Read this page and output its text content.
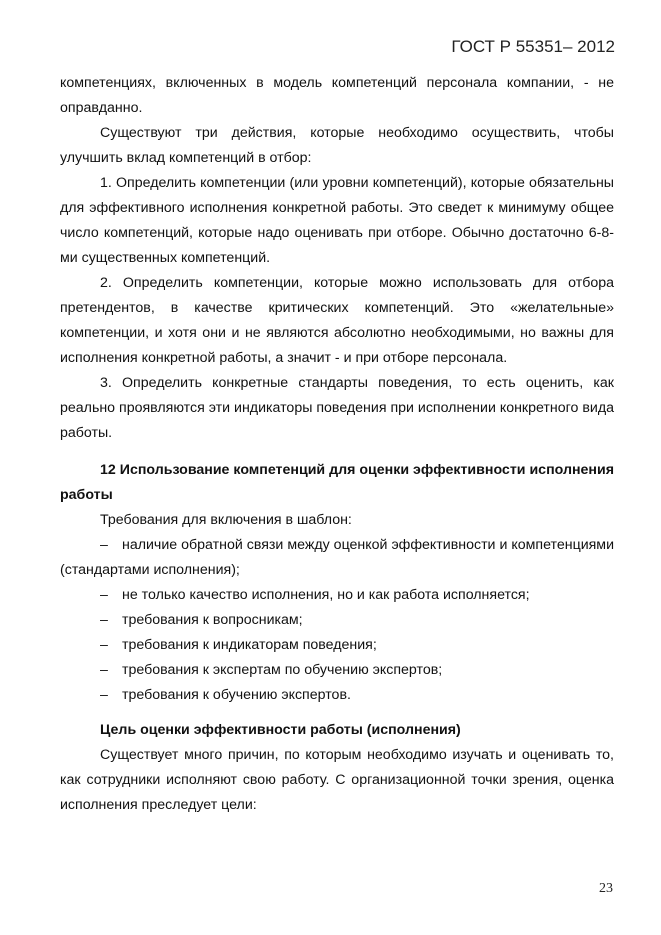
ГОСТ Р 55351– 2012

компетенциях, включенных в модель компетенций персонала компании, - не оправданно.

Существуют три действия, которые необходимо осуществить, чтобы улучшить вклад компетенций в отбор:

1. Определить компетенции (или уровни компетенций), которые обязательны для эффективного исполнения конкретной работы. Это сведет к минимуму общее число компетенций, которые надо оценивать при отборе. Обычно достаточно 6-8-ми существенных компетенций.

2. Определить компетенции, которые можно использовать для отбора претендентов, в качестве критических компетенций. Это «желательные» компетенции, и хотя они и не являются абсолютно необходимыми, но важны для исполнения конкретной работы, а значит - и при отборе персонала.

3. Определить конкретные стандарты поведения, то есть оценить, как реально проявляются эти индикаторы поведения при исполнении конкретного вида работы.

12 Использование компетенций для оценки эффективности исполнения работы

Требования для включения в шаблон:

– наличие обратной связи между оценкой эффективности и компетенциями (стандартами исполнения);
– не только качество исполнения, но и как работа исполняется;
– требования к вопросникам;
– требования к индикаторам поведения;
– требования к экспертам по обучению экспертов;
– требования к обучению экспертов.

Цель оценки эффективности работы (исполнения)

Существует много причин, по которым необходимо изучать и оценивать то, как сотрудники исполняют свою работу. С организационной точки зрения, оценка исполнения преследует цели:

23
